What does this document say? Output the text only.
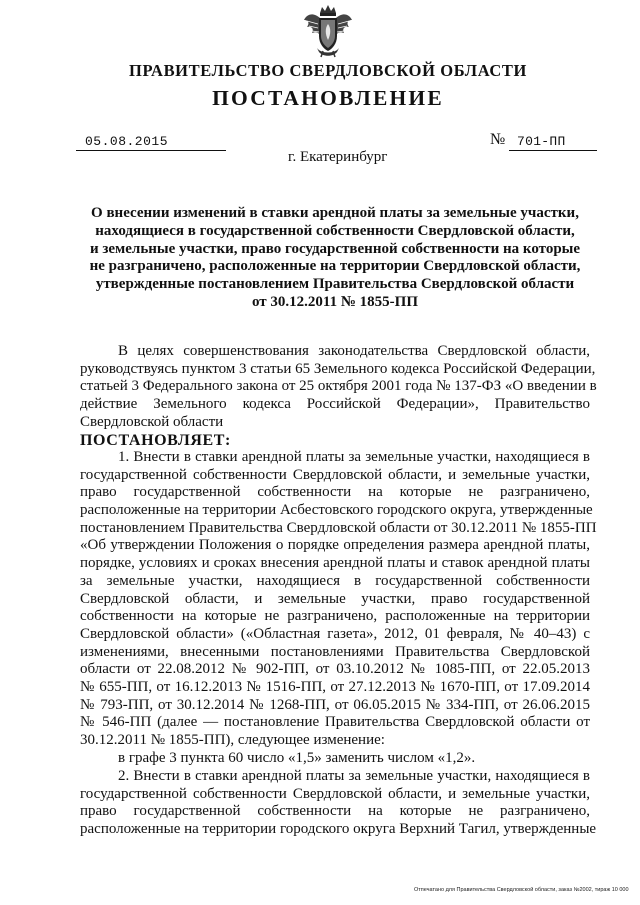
ПРАВИТЕЛЬСТВО СВЕРДЛОВСКОЙ ОБЛАСТИ
ПОСТАНОВЛЕНИЕ
05.08.2015	№ 701-ПП
г. Екатеринбург
О внесении изменений в ставки арендной платы за земельные участки,
находящиеся в государственной собственности Свердловской области,
и земельные участки, право государственной собственности на которые
не разграничено, расположенные на территории Свердловской области,
утвержденные постановлением Правительства Свердловской области
от 30.12.2011 № 1855-ПП
В целях совершенствования законодательства Свердловской области,
руководствуясь пунктом 3 статьи 65 Земельного кодекса Российской Федерации,
статьей 3 Федерального закона от 25 октября 2001 года № 137-ФЗ «О введении в
действие Земельного кодекса Российской Федерации», Правительство
Свердловской области
ПОСТАНОВЛЯЕТ:
1. Внести в ставки арендной платы за земельные участки, находящиеся в
государственной собственности Свердловской области, и земельные участки,
право государственной собственности на которые не разграничено,
расположенные на территории Асбестовского городского округа, утвержденные
постановлением Правительства Свердловской области от 30.12.2011 № 1855-ПП
«Об утверждении Положения о порядке определения размера арендной платы,
порядке, условиях и сроках внесения арендной платы и ставок арендной платы
за земельные участки, находящиеся в государственной собственности
Свердловской области, и земельные участки, право государственной
собственности на которые не разграничено, расположенные на территории
Свердловской области» («Областная газета», 2012, 01 февраля, № 40–43) с
изменениями, внесенными постановлениями Правительства Свердловской
области от 22.08.2012 № 902-ПП, от 03.10.2012 № 1085-ПП, от 22.05.2013
№ 655-ПП, от 16.12.2013 № 1516-ПП, от 27.12.2013 № 1670-ПП, от 17.09.2014
№ 793-ПП, от 30.12.2014 № 1268-ПП, от 06.05.2015 № 334-ПП, от 26.06.2015
№ 546-ПП (далее — постановление Правительства Свердловской области от
30.12.2011 № 1855-ПП), следующее изменение:
в графе 3 пункта 60 число «1,5» заменить числом «1,2».
2. Внести в ставки арендной платы за земельные участки, находящиеся в
государственной собственности Свердловской области, и земельные участки,
право государственной собственности на которые не разграничено,
расположенные на территории городского округа Верхний Тагил, утвержденные
Отпечатано для Правительства Свердловской области, заказ №2002, тираж 10 000
